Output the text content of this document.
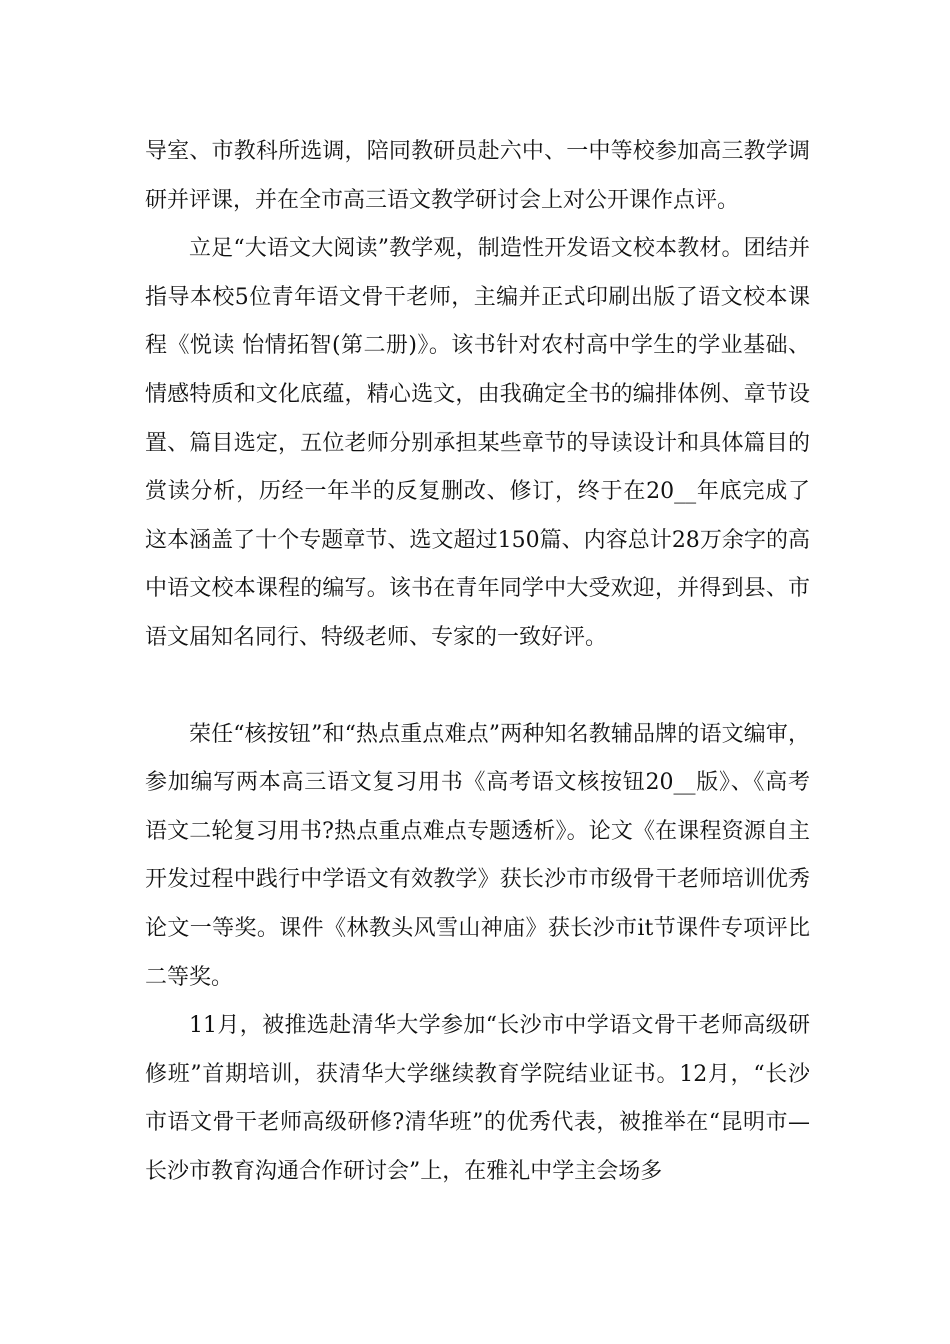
导室、市教科所选调，陪同教研员赴六中、一中等校参加高三教学调研并评课，并在全市高三语文教学研讨会上对公开课作点评。

立足“大语文大阅读”教学观，制造性开发语文校本教材。团结并指导本校5位青年语文骨干老师，主编并正式印刷出版了语文校本课程《悦读 怡情拓智(第二册)》。该书针对农村高中学生的学业基础、情感特质和文化底蕴，精心选文，由我确定全书的编排体例、章节设置、篇目选定，五位老师分别承担某些章节的导读设计和具体篇目的赏读分析，历经一年半的反复删改、修订，终于在20__年底完成了这本涵盖了十个专题章节、选文超过150篇、内容总计28万余字的高中语文校本课程的编写。该书在青年同学中大受欢迎，并得到县、市语文届知名同行、特级老师、专家的一致好评。

荣任“核按钮”和“热点重点难点”两种知名教辅品牌的语文编审，参加编写两本高三语文复习用书《高考语文核按钮20__版》、《高考语文二轮复习用书?热点重点难点专题透析》。论文《在课程资源自主开发过程中践行中学语文有效教学》获长沙市市级骨干老师培训优秀论文一等奖。课件《林教头风雪山神庙》获长沙市it节课件专项评比二等奖。

11月，被推选赴清华大学参加“长沙市中学语文骨干老师高级研修班”首期培训，获清华大学继续教育学院结业证书。12月，“长沙市语文骨干老师高级研修?清华班”的优秀代表，被推举在“昆明市—长沙市教育沟通合作研讨会”上，在雅礼中学主会场多
